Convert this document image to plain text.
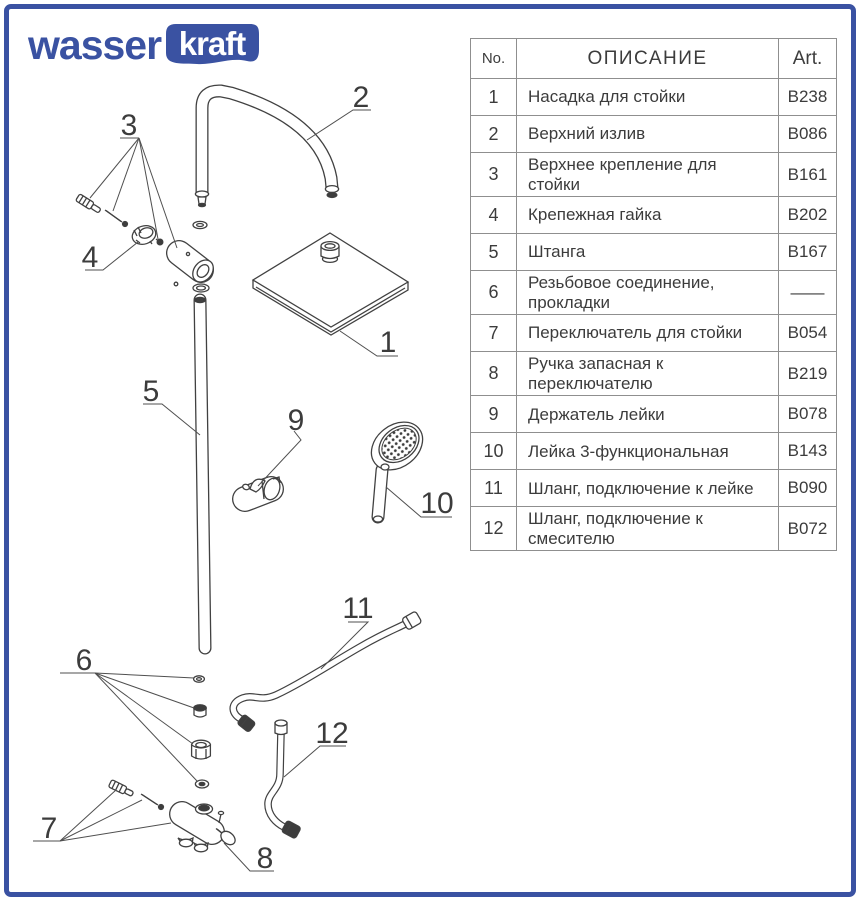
wasser kraft
1
2
3
4
5
6
7
8
9
10
11
12
No.	ОПИСАНИЕ	Art.
1	Насадка для стойки	B238
2	Верхний излив	B086
3	Верхнее крепление для стойки	B161
4	Крепежная гайка	B202
5	Штанга	B167
6	Резьбовое соединение, прокладки	——
7	Переключатель для стойки	B054
8	Ручка запасная к переключателю	B219
9	Держатель лейки	B078
10	Лейка 3-функциональная	B143
11	Шланг, подключение к лейке	B090
12	Шланг, подключение к смесителю	B072
